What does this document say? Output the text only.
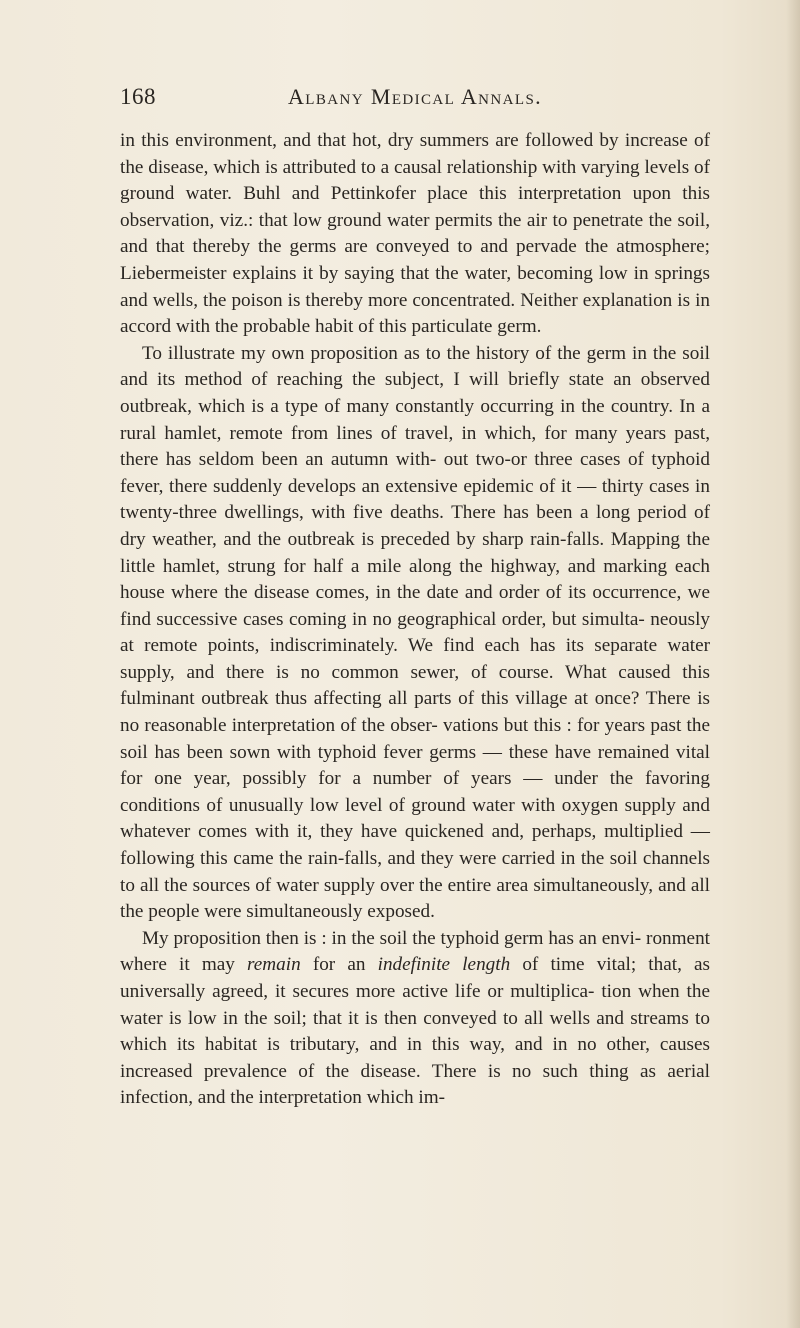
168	Albany Medical Annals.

in this environment, and that hot, dry summers are followed by increase of the disease, which is attributed to a causal relationship with varying levels of ground water. Buhl and Pettinkofer place this interpretation upon this observation, viz.: that low ground water permits the air to penetrate the soil, and that thereby the germs are conveyed to and pervade the atmosphere; Liebermeister explains it by saying that the water, becoming low in springs and wells, the poison is thereby more concentrated. Neither explanation is in accord with the probable habit of this particulate germ.

To illustrate my own proposition as to the history of the germ in the soil and its method of reaching the subject, I will briefly state an observed outbreak, which is a type of many constantly occurring in the country. In a rural hamlet, remote from lines of travel, in which, for many years past, there has seldom been an autumn with- out two-or three cases of typhoid fever, there suddenly develops an extensive epidemic of it — thirty cases in twenty-three dwellings, with five deaths. There has been a long period of dry weather, and the outbreak is preceded by sharp rain-falls. Mapping the little hamlet, strung for half a mile along the highway, and marking each house where the disease comes, in the date and order of its occurrence, we find successive cases coming in no geographical order, but simulta- neously at remote points, indiscriminately. We find each has its separate water supply, and there is no common sewer, of course. What caused this fulminant outbreak thus affecting all parts of this village at once? There is no reasonable interpretation of the obser- vations but this : for years past the soil has been sown with typhoid fever germs — these have remained vital for one year, possibly for a number of years — under the favoring conditions of unusually low level of ground water with oxygen supply and whatever comes with it, they have quickened and, perhaps, multiplied — following this came the rain-falls, and they were carried in the soil channels to all the sources of water supply over the entire area simultaneously, and all the people were simultaneously exposed.

My proposition then is : in the soil the typhoid germ has an envi- ronment where it may remain for an indefinite length of time vital; that, as universally agreed, it secures more active life or multiplica- tion when the water is low in the soil; that it is then conveyed to all wells and streams to which its habitat is tributary, and in this way, and in no other, causes increased prevalence of the disease. There is no such thing as aerial infection, and the interpretation which im-
